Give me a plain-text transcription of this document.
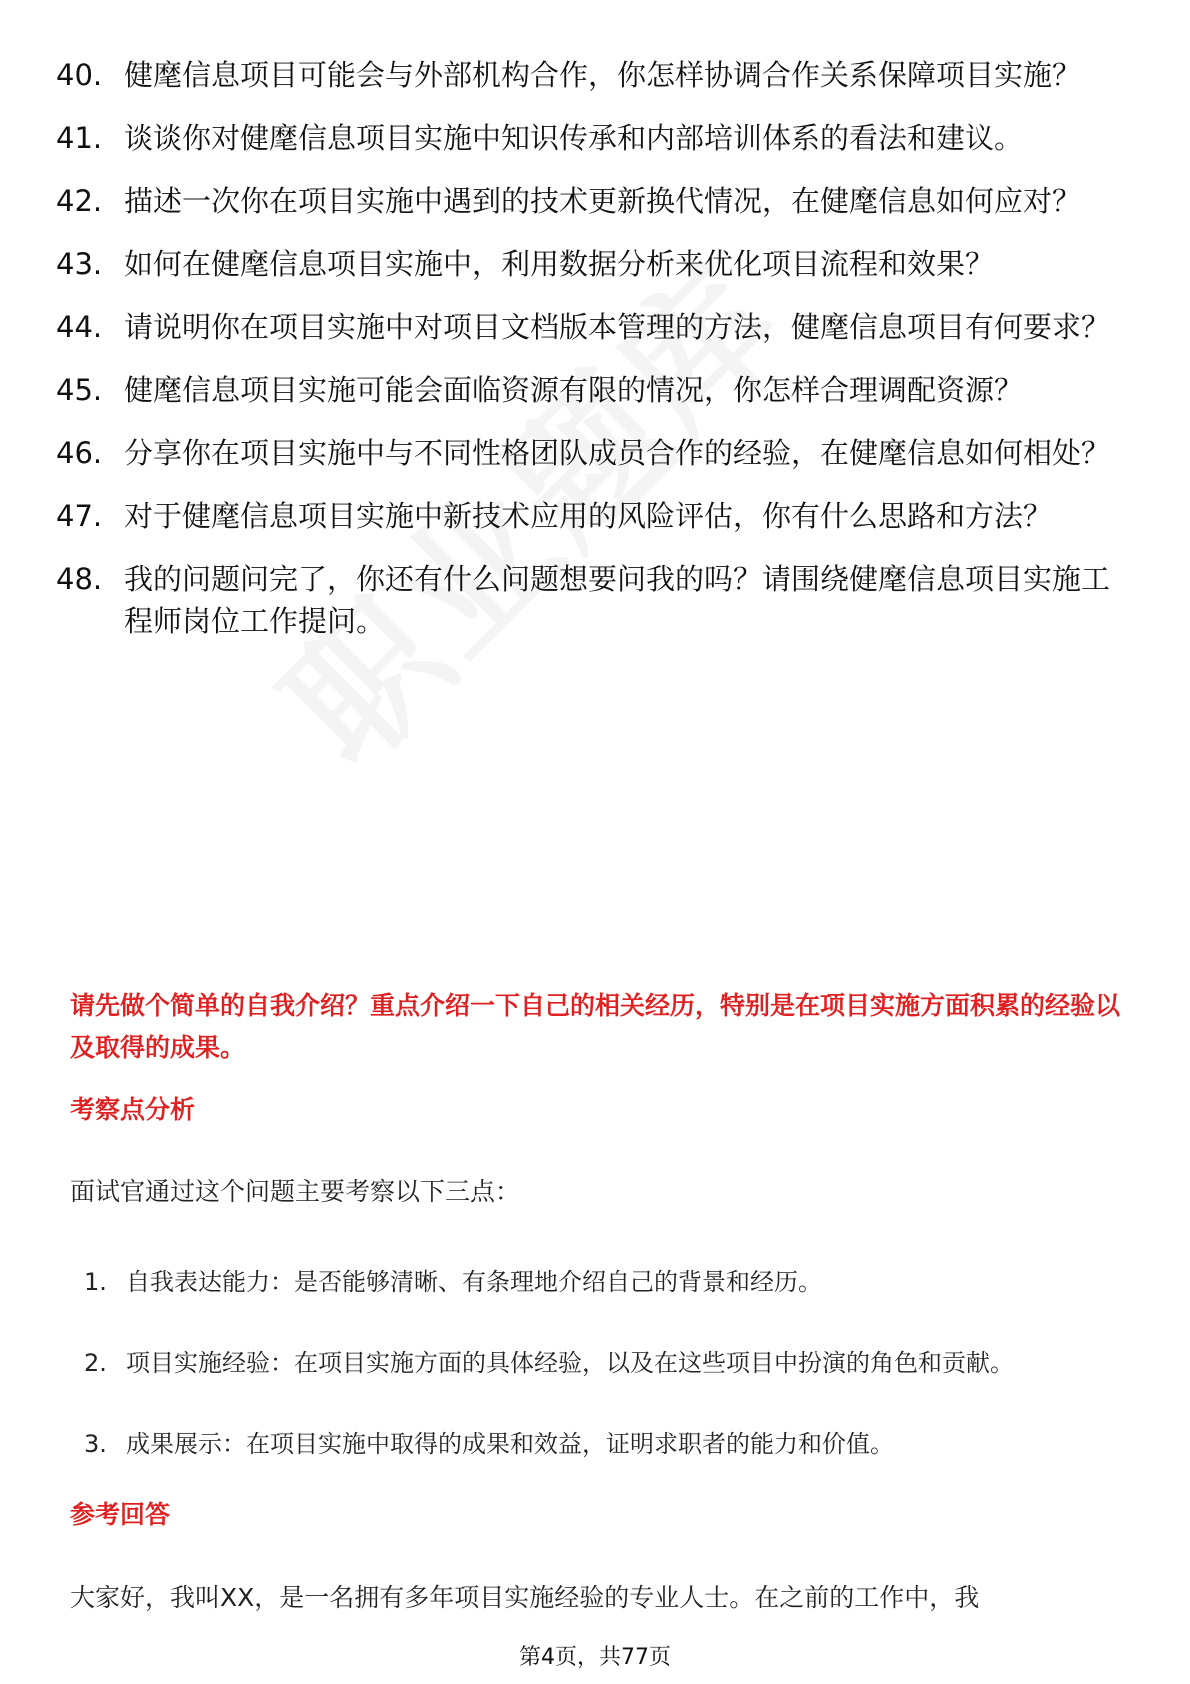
40. 健麾信息项目可能会与外部机构合作，你怎样协调合作关系保障项目实施？
41. 谈谈你对健麾信息项目实施中知识传承和内部培训体系的看法和建议。
42. 描述一次你在项目实施中遇到的技术更新换代情况，在健麾信息如何应对？
43. 如何在健麾信息项目实施中，利用数据分析来优化项目流程和效果？
44. 请说明你在项目实施中对项目文档版本管理的方法，健麾信息项目有何要求？
45. 健麾信息项目实施可能会面临资源有限的情况，你怎样合理调配资源？
46. 分享你在项目实施中与不同性格团队成员合作的经验，在健麾信息如何相处？
47. 对于健麾信息项目实施中新技术应用的风险评估，你有什么思路和方法？
48. 我的问题问完了，你还有什么问题想要问我的吗？请围绕健麾信息项目实施工程师岗位工作提问。
请先做个简单的自我介绍？重点介绍一下自己的相关经历，特别是在项目实施方面积累的经验以及取得的成果。
考察点分析
面试官通过这个问题主要考察以下三点：
1. 自我表达能力：是否能够清晰、有条理地介绍自己的背景和经历。
2. 项目实施经验：在项目实施方面的具体经验，以及在这些项目中扮演的角色和贡献。
3. 成果展示：在项目实施中取得的成果和效益，证明求职者的能力和价值。
参考回答
大家好，我叫XX，是一名拥有多年项目实施经验的专业人士。在之前的工作中，我
第4页，共77页
